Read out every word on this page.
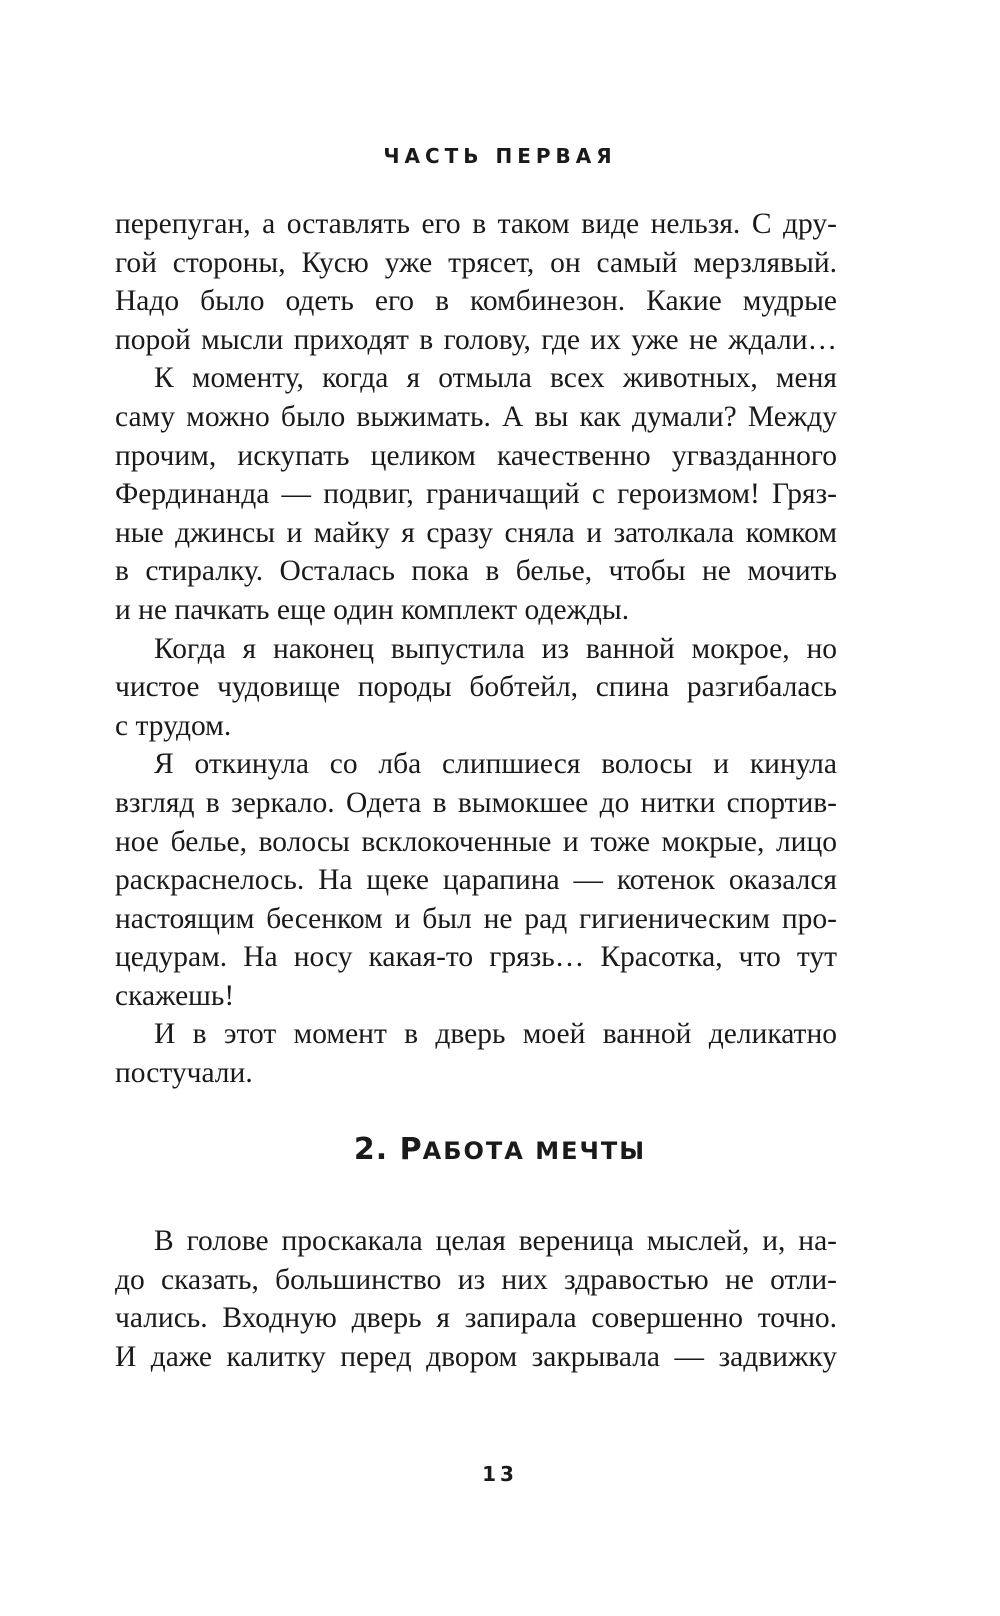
ЧАСТЬ ПЕРВАЯ
перепуган, а оставлять его в таком виде нельзя. С дру-
гой стороны, Кусю уже трясет, он самый мерзлявый.
Надо было одеть его в комбинезон. Какие мудрые
порой мысли приходят в голову, где их уже не ждали…
К моменту, когда я отмыла всех животных, меня
саму можно было выжимать. А вы как думали? Между
прочим, искупать целиком качественно угвазданного
Фердинанда — подвиг, граничащий с героизмом! Гряз-
ные джинсы и майку я сразу сняла и затолкала комком
в стиралку. Осталась пока в белье, чтобы не мочить
и не пачкать еще один комплект одежды.
Когда я наконец выпустила из ванной мокрое, но
чистое чудовище породы бобтейл, спина разгибалась
с трудом.
Я откинула со лба слипшиеся волосы и кинула
взгляд в зеркало. Одета в вымокшее до нитки спортив-
ное белье, волосы всклокоченные и тоже мокрые, лицо
раскраснелось. На щеке царапина — котенок оказался
настоящим бесенком и был не рад гигиеническим про-
цедурам. На носу какая-то грязь… Красотка, что тут
скажешь!
И в этот момент в дверь моей ванной деликатно
постучали.
2. РАБОТА МЕЧТЫ
В голове проскакала целая вереница мыслей, и, на-
до сказать, большинство из них здравостью не отли-
чались. Входную дверь я запирала совершенно точно.
И даже калитку перед двором закрывала — задвижку
13
